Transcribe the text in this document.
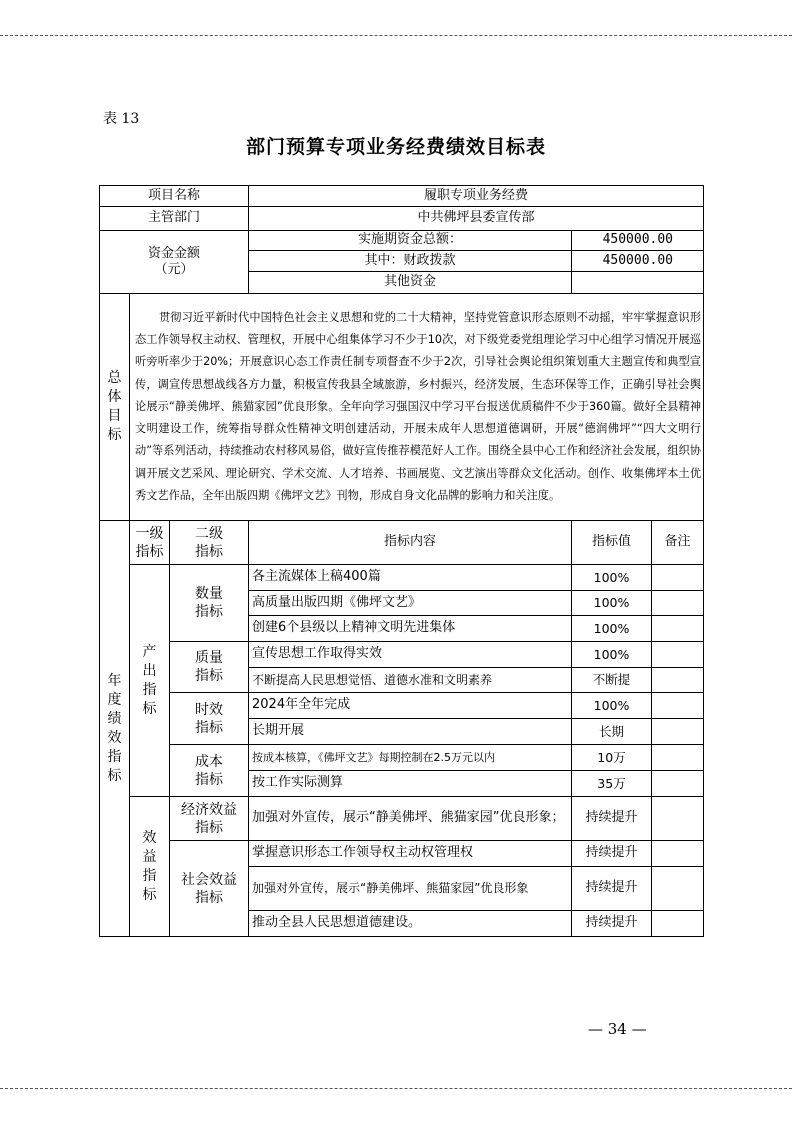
表 13
部门预算专项业务经费绩效目标表
项目名称			履职专项业务经费		
主管部门			中共佛坪县委宣传部		

资金金额
（元）			实施期资金总额：	450000.00	
			其中：财政拨款	450000.00	
			其他资金		
总体目标	贯彻习近平新时代中国特色社会主义思想和党的二十大精神，坚持党管意识形态原则不动摇，牢牢掌握意识形态工作领导权主动权、管理权，开展中心组集体学习不少于10次，对下级党委党组理论学习中心组学习情况开展巡听旁听率少于20%；开展意识心态工作责任制专项督查不少于2次，引导社会舆论组织策划重大主题宣传和典型宣传，调宣传思想战线各方力量，积极宣传我县全域旅游，乡村振兴，经济发展，生态环保等工作，正确引导社会舆论展示“静美佛坪、熊猫家园”优良形象。全年向学习强国汉中学习平台报送优质稿件不少于360篇。做好全县精神文明建设工作，统筹指导群众性精神文明创建活动，开展未成年人思想道德调研，开展“德润佛坪”“四大文明行动”等系列活动，持续推动农村移风易俗，做好宣传推荐模范好人工作。围绕全县中心工作和经济社会发展，组织协调开展文艺采风、理论研究、学术交流、人才培养、书画展览、文艺演出等群众文化活动。创作、收集佛坪本土优秀文艺作品，全年出版四期《佛坪文艺》刊物，形成自身文化品牌的影响力和关注度。				
年度绩效指标	一级指标	二级指标	指标内容	指标值	备注
	产出指标	数量指标	各主流媒体上稿400篇	100%	
			高质量出版四期《佛坪文艺》	100%	
			创建6个县级以上精神文明先进集体	100%	
		质量指标	宣传思想工作取得实效	100%	
			不断提高人民思想觉悟、道德水准和文明素养	不断提	
		时效指标	2024年全年完成	100%	
			长期开展	长期	
		成本指标	按成本核算，《佛坪文艺》每期控制在2.5万元以内	10万	
			按工作实际测算	35万	
	效益指标	经济效益指标	加强对外宣传，展示“静美佛坪、熊猫家园”优良形象；	持续提升	
		社会效益指标	掌握意识形态工作领导权主动权管理权	持续提升	
			加强对外宣传，展示“静美佛坪、熊猫家园”优良形象	持续提升	
			推动全县人民思想道德建设。	持续提升	
— 34 —
